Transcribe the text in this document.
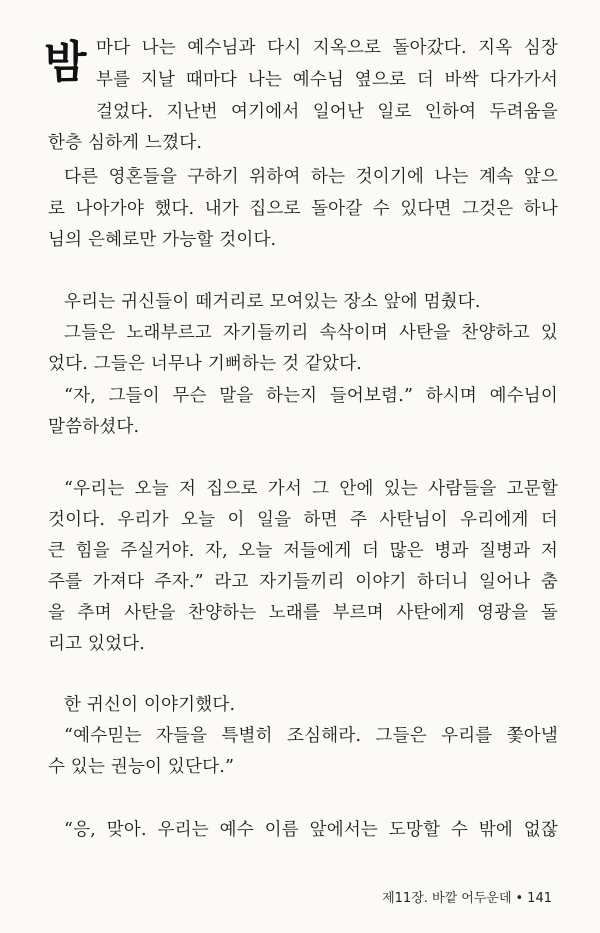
밤 마다 나는 예수님과 다시 지옥으로 돌아갔다. 지옥 심장
부를 지날 때마다 나는 예수님 옆으로 더 바싹 다가가서
걸었다. 지난번 여기에서 일어난 일로 인하여 두려움을
한층 심하게 느꼈다.
다른 영혼들을 구하기 위하여 하는 것이기에 나는 계속 앞으
로 나아가야 했다. 내가 집으로 돌아갈 수 있다면 그것은 하나
님의 은혜로만 가능할 것이다.
우리는 귀신들이 떼거리로 모여있는 장소 앞에 멈췄다.
그들은 노래부르고 자기들끼리 속삭이며 사탄을 찬양하고 있
었다. 그들은 너무나 기뻐하는 것 같았다.
“자, 그들이 무슨 말을 하는지 들어보렴.” 하시며 예수님이
말씀하셨다.
“우리는 오늘 저 집으로 가서 그 안에 있는 사람들을 고문할
것이다. 우리가 오늘 이 일을 하면 주 사탄님이 우리에게 더
큰 힘을 주실거야. 자, 오늘 저들에게 더 많은 병과 질병과 저
주를 가져다 주자.” 라고 자기들끼리 이야기 하더니 일어나 춤
을 추며 사탄을 찬양하는 노래를 부르며 사탄에게 영광을 돌
리고 있었다.
한 귀신이 이야기했다.
“예수믿는 자들을 특별히 조심해라. 그들은 우리를 쫓아낼
수 있는 권능이 있단다.”
“응, 맞아. 우리는 예수 이름 앞에서는 도망할 수 밖에 없잖
제11장. 바깥 어두운데 • 141
